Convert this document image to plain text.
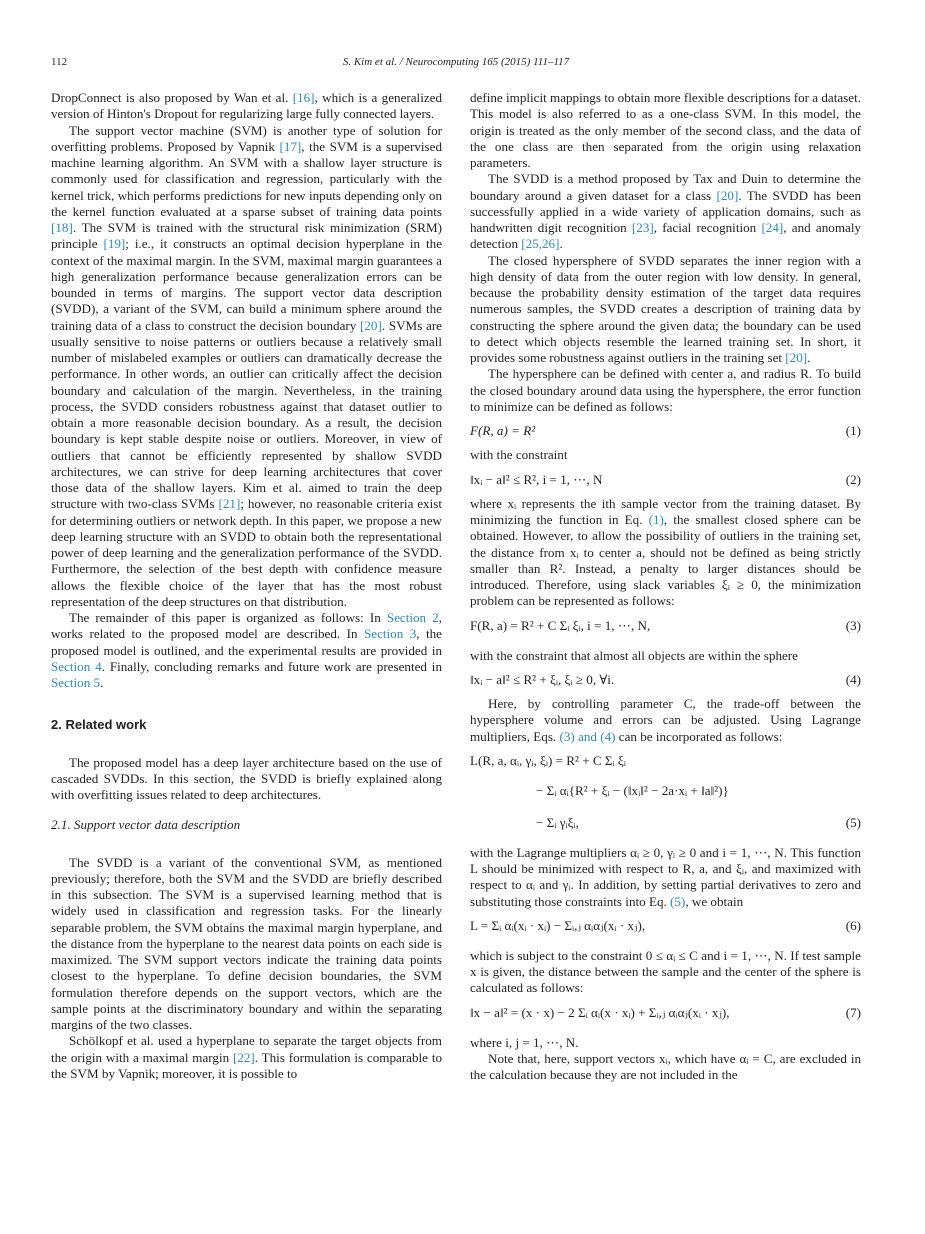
112	S. Kim et al. / Neurocomputing 165 (2015) 111–117

DropConnect is also proposed by Wan et al. [16], which is a generalized version of Hinton's Dropout for regularizing large fully connected layers.

The support vector machine (SVM) is another type of solution for overfitting problems. Proposed by Vapnik [17], the SVM is a supervised machine learning algorithm. An SVM with a shallow layer structure is commonly used for classification and regression, particularly with the kernel trick, which performs predictions for new inputs depending only on the kernel function evaluated at a sparse subset of training data points [18]. The SVM is trained with the structural risk minimization (SRM) principle [19]; i.e., it constructs an optimal decision hyperplane in the context of the maximal margin. In the SVM, maximal margin guarantees a high generalization performance because generalization errors can be bounded in terms of margins. The support vector data description (SVDD), a variant of the SVM, can build a minimum sphere around the training data of a class to construct the decision boundary [20]. SVMs are usually sensitive to noise patterns or outliers because a relatively small number of mislabeled examples or outliers can dramatically decrease the performance. In other words, an outlier can critically affect the decision boundary and calculation of the margin. Nevertheless, in the training process, the SVDD considers robustness against that dataset outlier to obtain a more reasonable decision boundary. As a result, the decision boundary is kept stable despite noise or outliers. Moreover, in view of outliers that cannot be efficiently represented by shallow SVDD architectures, we can strive for deep learning architectures that cover those data of the shallow layers. Kim et al. aimed to train the deep structure with two-class SVMs [21]; however, no reasonable criteria exist for determining outliers or network depth. In this paper, we propose a new deep learning structure with an SVDD to obtain both the representational power of deep learning and the generalization performance of the SVDD. Furthermore, the selection of the best depth with confidence measure allows the flexible choice of the layer that has the most robust representation of the deep structures on that distribution.

The remainder of this paper is organized as follows: In Section 2, works related to the proposed model are described. In Section 3, the proposed model is outlined, and the experimental results are provided in Section 4. Finally, concluding remarks and future work are presented in Section 5.

2. Related work

The proposed model has a deep layer architecture based on the use of cascaded SVDDs. In this section, the SVDD is briefly explained along with overfitting issues related to deep architectures.

2.1. Support vector data description

The SVDD is a variant of the conventional SVM, as mentioned previously; therefore, both the SVM and the SVDD are briefly described in this subsection. The SVM is a supervised learning method that is widely used in classification and regression tasks. For the linearly separable problem, the SVM obtains the maximal margin hyperplane, and the distance from the hyperplane to the nearest data points on each side is maximized. The SVM support vectors indicate the training data points closest to the hyperplane. To define decision boundaries, the SVM formulation therefore depends on the support vectors, which are the sample points at the discriminatory boundary and within the separating margins of the two classes.

Schölkopf et al. used a hyperplane to separate the target objects from the origin with a maximal margin [22]. This formulation is comparable to the SVM by Vapnik; moreover, it is possible to

define implicit mappings to obtain more flexible descriptions for a dataset. This model is also referred to as a one-class SVM. In this model, the origin is treated as the only member of the second class, and the data of the one class are then separated from the origin using relaxation parameters.

The SVDD is a method proposed by Tax and Duin to determine the boundary around a given dataset for a class [20]. The SVDD has been successfully applied in a wide variety of application domains, such as handwritten digit recognition [23], facial recognition [24], and anomaly detection [25,26].

The closed hypersphere of SVDD separates the inner region with a high density of data from the outer region with low density. In general, because the probability density estimation of the target data requires numerous samples, the SVDD creates a description of training data by constructing the sphere around the given data; the boundary can be used to detect which objects resemble the learned training set. In short, it provides some robustness against outliers in the training set [20].

The hypersphere can be defined with center a, and radius R. To build the closed boundary around data using the hypersphere, the error function to minimize can be defined as follows:

F(R, a) = R²	(1)

with the constraint

‖xᵢ − a‖² ≤ R², i = 1, ⋯, N	(2)

where xᵢ represents the ith sample vector from the training dataset. By minimizing the function in Eq. (1), the smallest closed sphere can be obtained. However, to allow the possibility of outliers in the training set, the distance from xᵢ to center a, should not be defined as being strictly smaller than R². Instead, a penalty to larger distances should be introduced. Therefore, using slack variables ξᵢ ≥ 0, the minimization problem can be represented as follows:

F(R, a) = R² + C Σᵢ ξᵢ, i = 1, ⋯, N,	(3)

with the constraint that almost all objects are within the sphere

‖xᵢ − a‖² ≤ R² + ξᵢ, ξᵢ ≥ 0, ∀i.	(4)

Here, by controlling parameter C, the trade-off between the hypersphere volume and errors can be adjusted. Using Lagrange multipliers, Eqs. (3) and (4) can be incorporated as follows:

L(R, a, αᵢ, γᵢ, ξᵢ) = R² + C Σᵢ ξᵢ
− Σᵢ αᵢ{R² + ξᵢ − (‖xᵢ‖² − 2a·xᵢ + ‖a‖²)}
− Σᵢ γᵢξᵢ,	(5)

with the Lagrange multipliers αᵢ ≥ 0, γᵢ ≥ 0 and i = 1, ⋯, N. This function L should be minimized with respect to R, a, and ξᵢ, and maximized with respect to αᵢ and γᵢ. In addition, by setting partial derivatives to zero and substituting those constraints into Eq. (5), we obtain

L = Σᵢ αᵢ(xᵢ · xᵢ) − Σᵢ,ⱼ αᵢαⱼ(xᵢ · xⱼ),	(6)

which is subject to the constraint 0 ≤ αᵢ ≤ C and i = 1, ⋯, N. If test sample x is given, the distance between the sample and the center of the sphere is calculated as follows:

‖x − a‖² = (x · x) − 2 Σᵢ αᵢ(x · xᵢ) + Σᵢ,ⱼ αᵢαⱼ(xᵢ · xⱼ),	(7)

where i, j = 1, ⋯, N.

Note that, here, support vectors xᵢ, which have αᵢ = C, are excluded in the calculation because they are not included in the
